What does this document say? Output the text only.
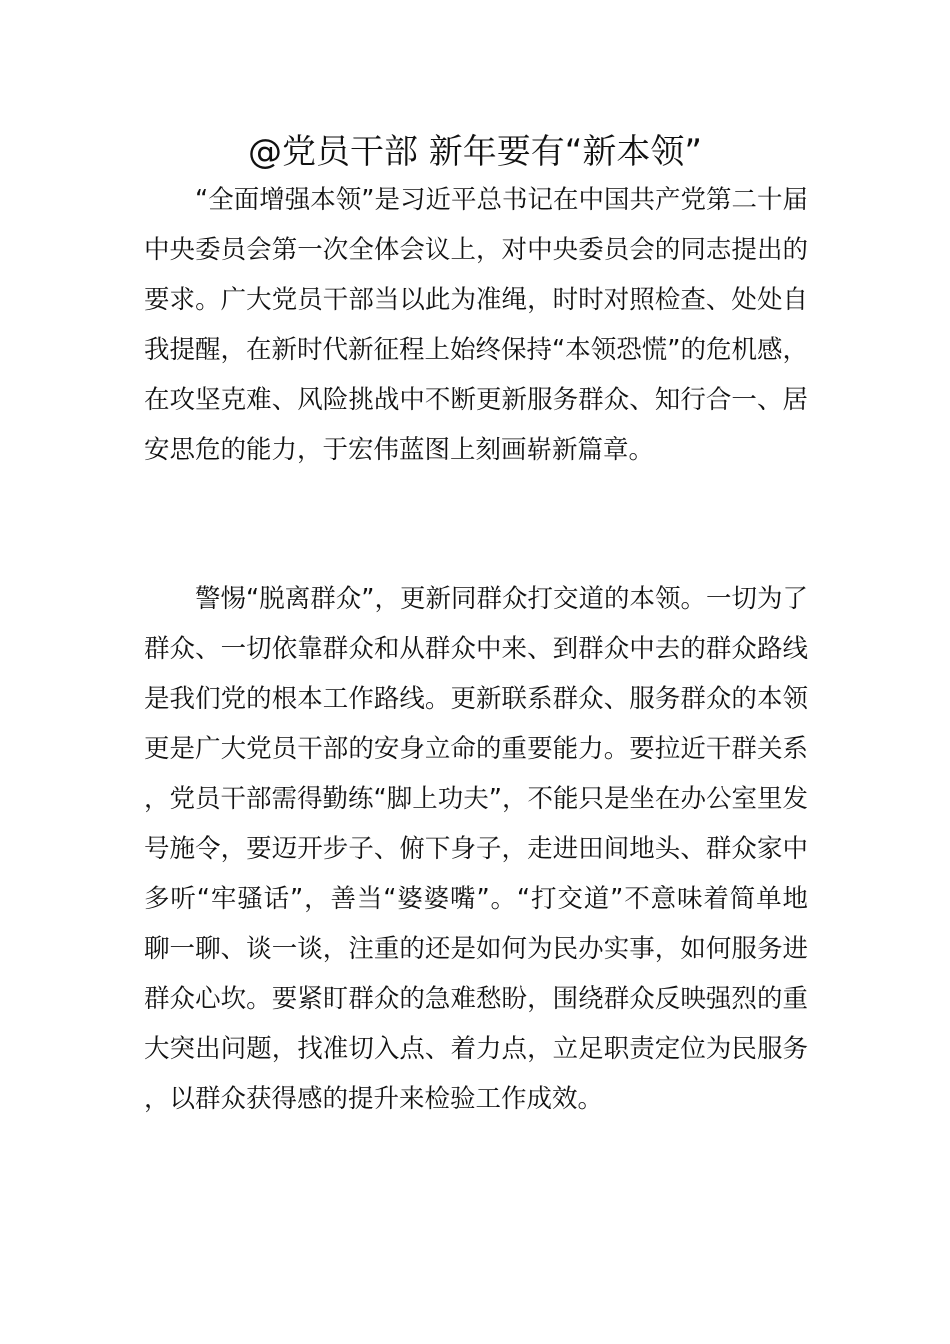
@党员干部 新年要有“新本领”

“全面增强本领”是习近平总书记在中国共产党第二十届中央委员会第一次全体会议上，对中央委员会的同志提出的要求。广大党员干部当以此为准绳，时时对照检查、处处自我提醒，在新时代新征程上始终保持“本领恐慌”的危机感，在攻坚克难、风险挑战中不断更新服务群众、知行合一、居安思危的能力，于宏伟蓝图上刻画崭新篇章。

警惕“脱离群众”，更新同群众打交道的本领。一切为了群众、一切依靠群众和从群众中来、到群众中去的群众路线是我们党的根本工作路线。更新联系群众、服务群众的本领更是广大党员干部的安身立命的重要能力。要拉近干群关系，党员干部需得勤练“脚上功夫”，不能只是坐在办公室里发号施令，要迈开步子、俯下身子，走进田间地头、群众家中多听“牢骚话”，善当“婆婆嘴”。“打交道”不意味着简单地聊一聊、谈一谈，注重的还是如何为民办实事，如何服务进群众心坎。要紧盯群众的急难愁盼，围绕群众反映强烈的重大突出问题，找准切入点、着力点，立足职责定位为民服务，以群众获得感的提升来检验工作成效。
